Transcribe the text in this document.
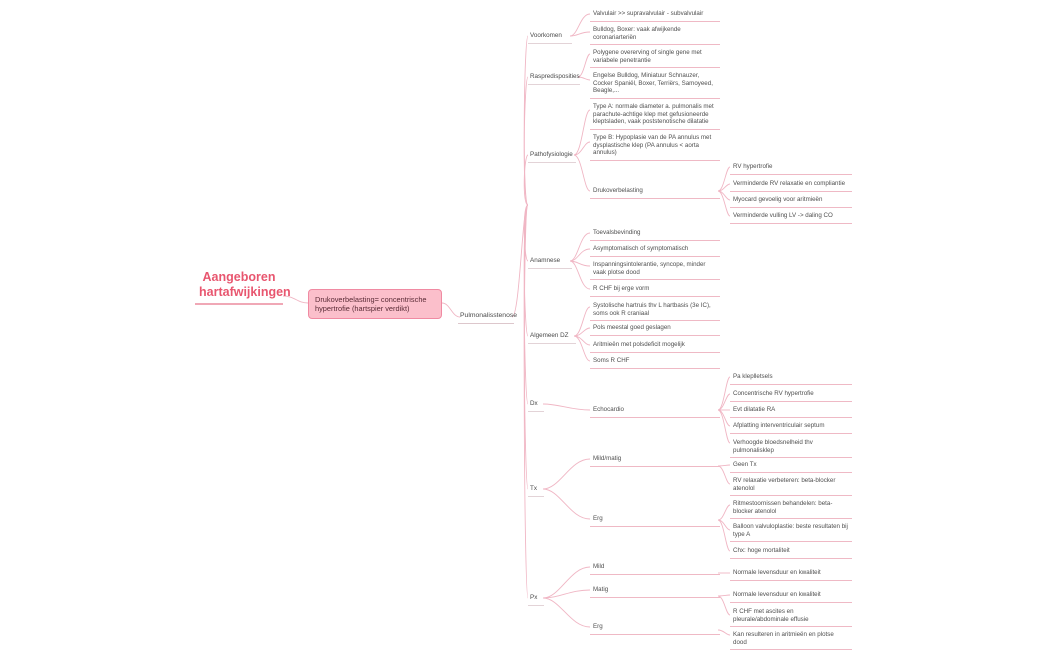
Aangeboren hartafwijkingen
Drukoverbelasting= concentrische hypertrofie (hartspier verdikt)
Pulmonalisstenose
Voorkomen
Raspredisposities
Pathofysiologie
Anamnese
Algemeen DZ
Dx
Tx
Px
Valvulair >> supravalvulair - subvalvulair
Bulldog, Boxer: vaak afwijkende coronariarteriën
Polygene overerving of single gene met variabele penetrantie
Engelse Bulldog, Miniatuur Schnauzer, Cocker Spaniël, Boxer, Terriërs, Samoyeed, Beagle,...
Type A: normale diameter a. pulmonalis met parachute-achtige klep met gefusioneerde kleptsladen, vaak poststenotische dilatatie
Type B: Hypoplasie van de PA annulus met dysplastische klep (PA annulus < aorta annulus)
Drukoverbelasting
RV hypertrofie
Verminderde RV relaxatie en compliantie
Myocard gevoelig voor aritmieën
Verminderde vulling LV -> daling CO
Toevalsbevinding
Asymptomatisch of symptomatisch
Inspanningsintolerantie, syncope, minder vaak plotse dood
R CHF bij erge vorm
Systolische hartruis thv L hartbasis (3e IC), soms ook R craniaal
Pols meestal goed geslagen
Aritmieën met polsdeficit mogelijk
Soms R CHF
Echocardio
Pa kleplletsels
Concentrische RV hypertrofie
Evt dilatatie RA
Afplatting interventriculair septum
Verhoogde bloedsnelheid thv pulmonalisklep
Mild/matig
Erg
Geen Tx
RV relaxatie verbeteren: beta-blocker atenolol
Ritmestoornissen behandelen: beta-blocker atenolol
Balloon valvuloplastie: beste resultaten bij type A
Chx: hoge mortaliteit
Mild
Matig
Erg
Normale levensduur en kwaliteit
Normale levensduur en kwaliteit
R CHF met ascites en pleurale/abdominale effusie
Kan resulteren in aritmieën en plotse dood
